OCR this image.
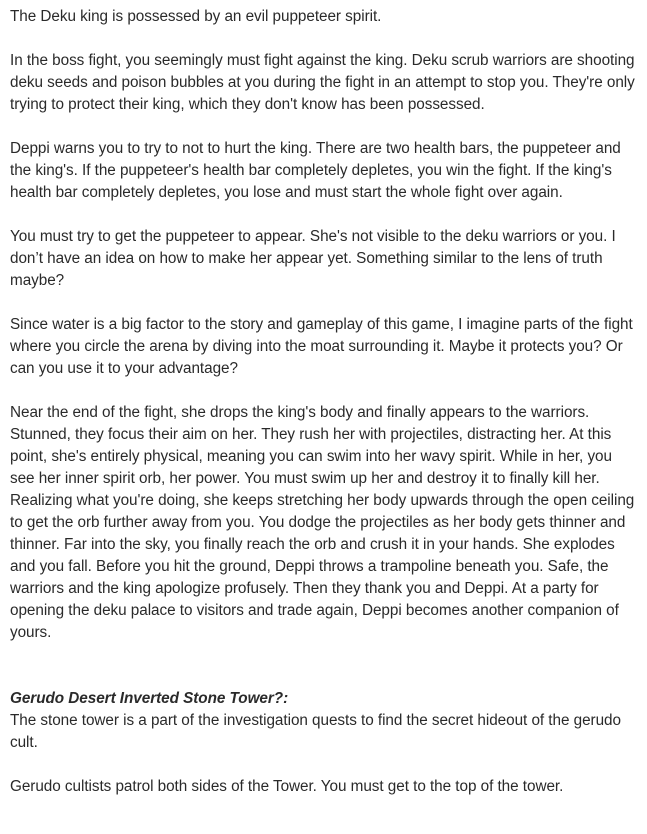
The Deku king is possessed by an evil puppeteer spirit.

In the boss fight, you seemingly must fight against the king. Deku scrub warriors are shooting deku seeds and poison bubbles at you during the fight in an attempt to stop you. They're only trying to protect their king, which they don't know has been possessed.

Deppi warns you to try to not to hurt the king. There are two health bars, the puppeteer and the king's. If the puppeteer's health bar completely depletes, you win the fight. If the king's health bar completely depletes, you lose and must start the whole fight over again.

You must try to get the puppeteer to appear. She's not visible to the deku warriors or you. I don’t have an idea on how to make her appear yet. Something similar to the lens of truth maybe?

Since water is a big factor to the story and gameplay of this game, I imagine parts of the fight where you circle the arena by diving into the moat surrounding it. Maybe it protects you? Or can you use it to your advantage?

Near the end of the fight, she drops the king's body and finally appears to the warriors. Stunned, they focus their aim on her. They rush her with projectiles, distracting her. At this point, she's entirely physical, meaning you can swim into her wavy spirit. While in her, you see her inner spirit orb, her power. You must swim up her and destroy it to finally kill her. Realizing what you're doing, she keeps stretching her body upwards through the open ceiling to get the orb further away from you. You dodge the projectiles as her body gets thinner and thinner. Far into the sky, you finally reach the orb and crush it in your hands. She explodes and you fall. Before you hit the ground, Deppi throws a trampoline beneath you. Safe, the warriors and the king apologize profusely. Then they thank you and Deppi. At a party for opening the deku palace to visitors and trade again, Deppi becomes another companion of yours.

Gerudo Desert Inverted Stone Tower?:

The stone tower is a part of the investigation quests to find the secret hideout of the gerudo cult.

Gerudo cultists patrol both sides of the Tower. You must get to the top of the tower.
